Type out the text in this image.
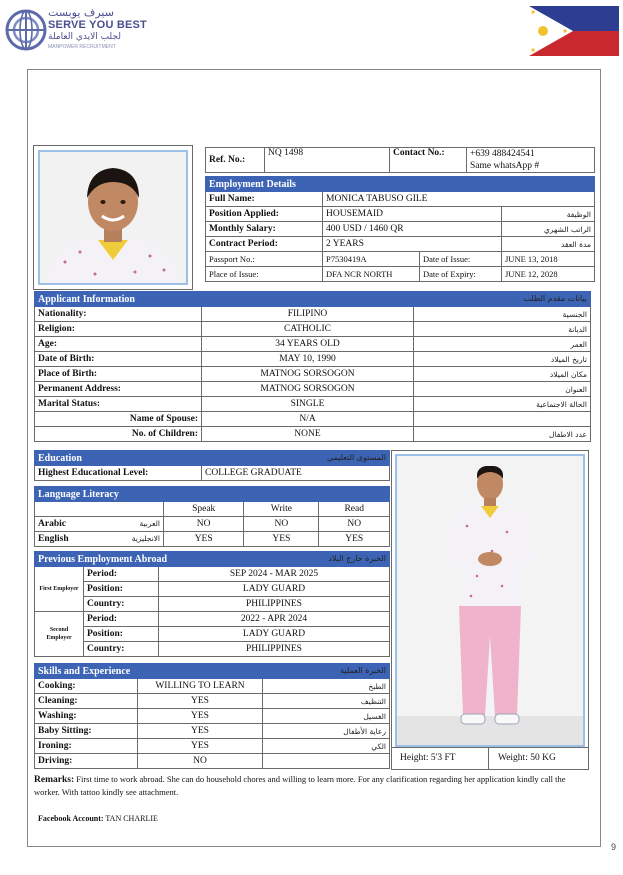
سيرف يوبست
SERVE YOU BEST
لجلب الايدي العاملة
MANPOWER RECRUITMENT
Ref. No.:	NQ 1498	Contact No.:	+639 488424541
Same whatsApp #
Employment Details			
Full Name:	MONICA TABUSO GILE		
Position Applied:	HOUSEMAID		الوظيفة
Monthly Salary:	400 USD / 1460 QR		الراتب الشهري
Contract Period:	2 YEARS		مدة العقد
Passport No.:	P7530419A	Date of Issue:	JUNE 13, 2018
Place of Issue:	DFA NCR NORTH	Date of Expiry:	JUNE 12, 2028
Applicant Information بيانات مقدم الطلب		

Nationality:	FILIPINO	الجنسية
Religion:	CATHOLIC	الديانة
Age:	34 YEARS OLD	العمر
Date of Birth:	MAY 10, 1990	تاريخ الميلاد
Place of Birth:	MATNOG SORSOGON	مكان الميلاد
Permanent Address:	MATNOG SORSOGON	العنوان
Marital Status:	SINGLE	الحالة الاجتماعية
Name of Spouse:	N/A	
No. of Children:	NONE	عدد الاطفال
Education	المستوى التعليمي

Highest Educational Level:	COLLEGE GRADUATE
Language Literacy			
	Speak	Write	Read
Arabic العربية	NO	NO	NO
English الانجليزية	YES	YES	YES
Previous Employment Abroad الخبرة خارج البلاد		

First Employer	Period:	SEP 2024 - MAR 2025
	Position:	LADY GUARD
	Country:	PHILIPPINES
Second Employer	Period:	2022 - APR 2024
	Position:	LADY GUARD
	Country:	PHILIPPINES
Skills and Experience الخبرة العملية		

Cooking:	WILLING TO LEARN	الطبخ
Cleaning:	YES	التنظيف
Washing:	YES	الغسيل
Baby Sitting:	YES	رعاية الأطفال
Ironing:	YES	الكي
Driving:	NO		Height: 5'3 FT	Weight: 50 KG
Remarks: First time to work abroad. She can do household chores and willing to learn more. For any clarification regarding her application kindly call the worker. With tattoo kindly see attachment.
Facebook Account: TAN CHARLIE
9
